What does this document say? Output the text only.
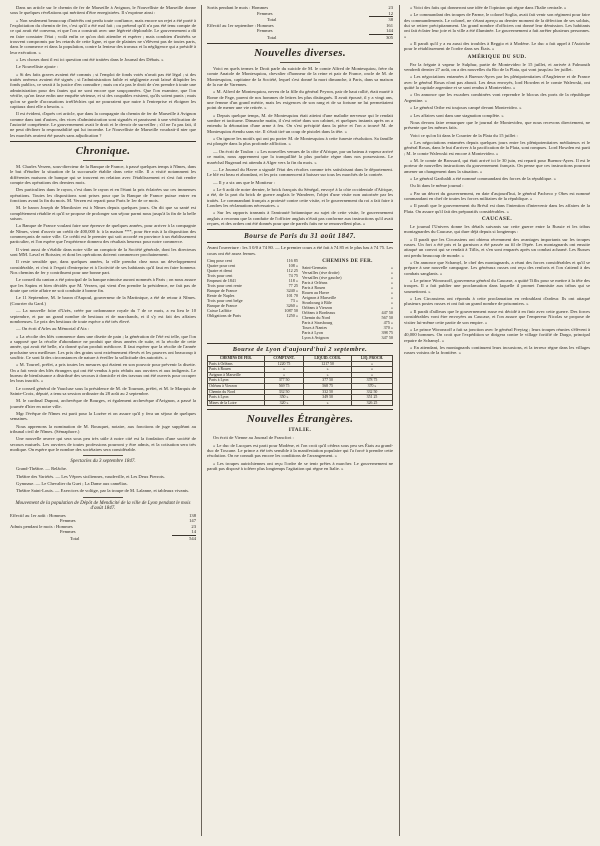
Dans un article sur le chemin de fer de Marseille à Avignon, le Nouvelliste de Marseille donne sous le quelques révélations qui méritent d'être enregistrées. Il s'exprime ainsi :

« Non seulement beaucoup d'intérêts ont perdu toute confiance, mais encore un rejet a été porté à l'exploitation du chemin de fer, c'est qu'il a été mal fait ; ou prétend qu'il n'a pas été tenu compte de ce qui avait été convenu, et que l'on a construit avec une légèreté déplorable. Le gouvernement a dû en faire constater l'état ; voilà enfin ce qu'on doit attendre et espérer ; mais combien d'intérêts se trouvent compromis par les retards de cette ligne, et que de plaintes ne s'élèvent pas de toutes parts, dans le commerce et dans la population, contre la lenteur des travaux et la négligence qui a présidé à leur exécution. »

« Les choses dont il est ici question ont été traitées dans le Journal des Débats. »

Le Nouvelliste ajoute :

« Si des faits graves avaient été commis ; si l'emploi de fonds votés n'avait pas été légal ; si des traités onéreux avaient été signés ; si l'administration faible et négligente avait laissé dilapider les fonds publics, ce serait à la justice d'en connaître ; mais on n'a pas le droit de s'en prendre à toute une administration pour des fautes qui ne sont encore que soupçonnées. Que l'on examine, que l'on vérifie, qu'on fasse enfin une enquête sérieuse, et si des coupables existent, qu'ils soient punis ; mais qu'on se garde d'accusations irréfléchies qui ne pourraient que nuire à l'entreprise et éloigner les capitaux dont elle a besoin. »

Il est évident, d'après cet article, que dans la compagnie du chemin de fer de Marseille à Avignon comme dans tant d'autres, des vices d'administration sont signalés et paraissent à une vérification de l'autorité compétente. Le gouvernement avait le droit et le devoir de surveiller ; s'il ne l'a pas fait, il ne peut décliner la responsabilité qui lui incombe. Le Nouvelliste de Marseille voudrait-il nier que les marchés avaient été passés sans adjudication ?

Chronique.

M. Charles Verzen, sous-directeur de la Banque de France, à passé quelques temps à Nîmes, dans le but d'étudier la situation de la succursale établie dans cette ville. Il a visité notamment les différentes maisons de banque qui se trouvent en relation avec l'établissement et s'est fait rendre compte des opérations des derniers mois.

Des particuliers dans le rayon, c'est dans le rayon et en l'étant la pris éclairées sur ces immenses opérations. Toutes les dispositions sont prises pour que la Banque de France puisse entrer en fonctions avant la fin du mois. M. Verzen est reparti pour Paris le 1er de ce mois.

M. le baron Joseph de Montlosier est à Nîmes depuis quelques jours. On dit que sa santé est complètement rétablie et qu'il se propose de prolonger son séjour parmi nous jusqu'à la fin de la belle saison.

La Banque de France voulant faire une épreuve de quelques années, pour arriver à la compagnie de Nîmes, vient d'ouvrir un crédit de 400,000 fr. à la maison ***, pour être mis à la disposition des commerçants de notre ville. Ce crédit est le premier qui soit accordé en province à un établissement particulier, et l'on espère que l'expérience donnera des résultats heureux pour notre commerce.

Il vient aussi de s'établir dans notre ville un comptoir de la Société générale, dont les directeurs sont MM. Laval et Boissier, et dont les opérations doivent commencer prochainement.

Il reste sensible que, dans quelques années, la ville prendra chez nous un développement considérable, et c'est à l'esprit d'entreprise et à l'activité de ses habitants qu'il faut en faire honneur. Nos chemins de fer y contribuent pour une bonne part.

Le conseil du canton a été principal de la banque nimoise auront nommés à Paris ; on nous assure que les Sapins et bien décidés que M. Verzen, qui vient d'en prendre la présidence, ne fait pas de doute que cette affaire ne soit conduite à bonne fin.

Le 11 Septembre, M. le baron d'Aupoul, gouverneur de la Martinique, a été de retour à Nîmes. (Courrier du Gard.)

— La nouvelle foire d'Uzès, créée par ordonnance royale du 7 de ce mois, a eu lieu le 10 septembre, et par un grand nombre de bestiaux et de marchands, et il s'y est fait des affaires nombreuses. Le prix des bestiaux de toute espèce a été très élevé.

— On écrit d'Arles au Mémorial d'Aix :

« La récolte des blés commence dans une disette de pain ; la génération de l'été est telle, que l'on a supposé que la récolte d'abondance ne produit que deux années de suite, et la récolte de cette année, qui avait été belle, n'a donné qu'un produit médiocre. Il faut espérer que la récolte de l'année prochaine sera meilleure. Les prix des grains sont extrêmement élevés et les pauvres ont beaucoup à souffrir. Ce sont là des circonstances de nature à éveiller la sollicitude des autorités. »

« M. Tourrel, préfet, a pris toutes les mesures qui étaient en son pouvoir pour prévenir la disette. On a fait venir des blés étrangers qui ont été vendus à prix réduits aux ouvriers et aux indigents. Le bureau de bienfaisance a distribué des secours à domicile et des travaux ont été ouverts pour occuper les bras inactifs. »

Le conseil général de Vaucluse sous la présidence de M. de Tournon, préfet, et M. le Marquis de Sainte-Croix, député, a tenu sa session ordinaire du 28 août au 2 septembre.

M. le cardinal Dupont, archevêque de Bourges, et également archevêque d'Avignon, a passé la journée d'hier en notre ville.

Mgr l'évêque de Nîmes est parti pour la Lozère et on assure qu'il y fera un séjour de quelques semaines.

Nous apprenons la nomination de M. Bousquet, notaire, aux fonctions de juge suppléant au tribunal civil de Nîmes. (Sémaphore.)

Une nouvelle œuvre qui sera sous peu très utile à notre cité est la fondation d'une société de secours mutuels. Les ouvriers de toutes professions pourront y être admis, et la cotisation sera très modique. On espère que le nombre des sociétaires sera considérable.

Spectacles du 3 septembre 1847.

Grand-Théâtre. — Relâche.

Théâtre des Variétés. — Les Vêpres siciliennes, vaudeville, et Les Deux Pierrots.

Gymnase. — Le Chevalier du Guet ; La Dame aux camélias.

Théâtre Saint-Louis. — Exercices de voltige, par la troupe de M. Lalanne, et tableaux vivants.

Mouvement de la population de Dépôt de Mendicité de la ville de Lyon pendant le mois d'août 1847.
Effectif au 1er août : Hommes	138
Femmes	147
Admis pendant le mois : Hommes	23
Femmes	14
Total	544
Sortis pendant le mois : Hommes	23
Femmes	12
Total	38
Effectif au 1er septembre : Hommes	161
Femmes	144
Total	305
Nouvelles diverses.

Voici en quels termes le Droit parle du suicide de M. le comte Alfred de Montesquiou, frère du comte Anatole de Montesquiou, chevalier d'honneur de la reine et pair de France, oncle de M. de Montesquiou, capitaine de la Société, lequel s'est donné la mort dimanche, à Paris, dans sa maison de la rue de Varennes.

« M. Alfred de Montesquiou, neveu de la fille du général Peyron, pair de haut rallié, était marié à Rome de Page, parent de nos hommes de lettres les plus distingués. Il avait épousé, il y a vingt ans, une femme d'un grand mérite, mais les exigences de son rang et de sa fortune ne lui permettaient point de mener une vie retirée. »

« Depuis quelque temps, M. de Montesquiou était atteint d'une maladie nerveuse qui le rendait sombre et taciturne. Dimanche matin, il s'est retiré dans son cabinet, et quelques instants après on a entendu la détonation d'une arme à feu. On s'est précipité dans la pièce et l'on a trouvé M. de Montesquiou étendu sans vie. Il s'était tiré un coup de pistolet dans la tête. »

« On ignore les motifs qui ont pu porter M. de Montesquiou à cette funeste résolution. Sa famille est plongée dans la plus profonde affliction. »

— On écrit de Toulon : « Les nouvelles venues de la côte d'Afrique, par un bateau à vapeur arrivé ce matin, nous apprennent que la tranquillité la plus parfaite règne dans nos possessions. Le maréchal Bugeaud est attendu à Alger vers la fin du mois. »

— Le Journal du Havre a signalé l'état des récoltes comme très satisfaisant dans le département. Le blé est beau et abondant, et les prix commencent à baisser sur tous les marchés de la contrée.

— Il y a six ans que le Moniteur :

« Le 6 août de notre dernier, le brick français du Sénégal, envoyé à la côte occidentale d'Afrique, a été, de la part du brick de guerre anglais le Wanderer, l'objet d'une visite non autorisée par les traités. Le commandant français a protesté contre cette visite, et le gouvernement du roi a fait faire à Londres les réclamations nécessaires. »

« Sur les rapports transmis à l'amirauté britannique au sujet de cette visite, le gouvernement anglais a reconnu que la conduite de l'officier anglais n'était pas conforme aux instructions qu'il avait reçues, et des ordres ont été donnés pour que de pareils faits ne se renouvellent plus. »

Bourse de Paris du 31 août 1847.

Avant l'ouverture : les 3 0/0 à 74 80. — Le premier cours a été fait à 74 85 et le plus bas à 74 75. Les cours ont été assez fermes.

Cinq pour cent	116 85
Quatre pour cent	108 »
Quatre et demi	112 25
Trois pour cent	74 75
Emprunt de 1841	118 »
Trois pour cent rente	77 25
Banque de France	3240 »
Rente de Naples	101 70
Trois pour cent belge	73 »
Banque de France	3260 »
Caisse Laffitte	1087 50
Obligations de Paris	1250 »
CHEMINS DE FER.
Saint-Germain	»
Versailles (rive droite)	»
Versailles (rive gauche)	»
Paris à Orléans	»
Paris à Rouen	»
Rouen au Havre	»
Avignon à Marseille	»
Strasbourg à Bâle	»
Orléans à Vierzon	»
Orléans à Bordeaux	447 50
Chemin du Nord	567 50
Paris à Strasbourg	475 »
Tours à Nantes	370 »
Paris à Lyon	398 75
Lyon à Avignon	347 50
Bourse de Lyon d'aujourd'hui 2 septembre.
CHEMINS DE FER.	COMPTANT.	LIQUID. COUR.	LIQ. PROCH.
Paris à Orléans	1220 75	1217 50	»
Paris à Rouen	»	»	»
Avignon à Marseille	»	»	»
Paris à Lyon	377 50	377 50	378 75
Orléans à Vierzon	569 75	568 75	370 »
Chemin du Nord	332 50	332 50	332 50
Paris à Lyon	350 »	349 50	351 25
Mines de la Loire	320 »	»	326 25
Nouvelles Étrangères.
ITALIE.

On écrit de Vienne au Journal de Francfort :

« Le duc de Lucques est parti pour Modène, et l'on croit qu'il cédera sous peu ses États au grand-duc de Toscane. Le prince a été très sensible à la manifestation populaire qui l'a forcé à prendre cette résolution. On ne connaît pas encore les conditions de l'arrangement. »

« Les troupes autrichiennes ont reçu l'ordre de se tenir prêtes à marcher. Le gouvernement ne paraît pas disposé à tolérer plus longtemps l'agitation qui règne en Italie. »

« Voici des faits qui donneront une idée de l'opinion qui règne dans l'Italie centrale. »

« Le commandant des troupes de Parme, le colonel Soglia, avait fait venir son régiment pour faire des commandements. Le colonel, ne s'étant aperçu au dernier moment de la défection de ses soldats, dut se retirer précipitamment. Un grand nombre d'officiers ont donné leur démission. Les habitants ont fait éclater leur joie et la ville a été illuminée. Le gouvernement a fait arrêter plusieurs personnes. »

« Il paraît qu'il y a eu aussi des troubles à Reggio et à Modène. Le duc a fait appel à l'Autriche pour le rétablissement de l'ordre dans ses États. »

AMÉRIQUE DU SUD.

Par la frégate à vapeur le Sulphur, partie de Montevideo le 15 juillet, et arrivée à Falmouth vendredi dernier 27 août, on a des nouvelles du Rio de la Plata, qui vont jusqu'au 1er juillet.

« Les négociations entamées à Buenos-Ayres par les plénipotentiaires d'Angleterre et de France avec le général Rosas n'ont pas abouti. Les deux envoyés, lord Howden et le comte Walewski, ont quitté la capitale argentine et se sont rendus à Montevideo. »

« On annonce que les escadres combinées vont reprendre le blocus des ports de la république Argentine. »

« Le général Oribe est toujours campé devant Montevideo. »

« Les affaires sont dans une stagnation complète. »

Nous devons faire remarquer que le journal de Montevideo, que nous recevons directement, ne présente que les mêmes faits.

Voici ce qu'on lit dans le Courrier de la Plata du 15 juillet :

« Les négociations entamées depuis quelques jours entre les plénipotentiaires médiateurs et le général Rosas, dans le but d'arriver à la pacification de la Plata, sont rompues. Lord Howden est parti ; M. le comte Walewski est encore à Montevideo. »

« M. le comte de Brossard, qui était arrivé ici le 30 juin, est reparti pour Buenos-Ayres. Il est le porteur de nouvelles instructions du gouvernement français. On pense que ces instructions pourront amener un changement dans la situation. »

« Le général Garibaldi a été nommé commandant des forces de la république. »

Ou lit dans le même journal :

« Par un décret du gouvernement, en date d'aujourd'hui, le général Pacheco y Obes est nommé commandant en chef de toutes les forces militaires de la république. »

« Il paraît que le gouvernement du Brésil est dans l'intention d'intervenir dans les affaires de la Plata. On assure qu'il fait des préparatifs considérables. »

CAUCASE.

Le journal l'Univers donne les détails suivants sur cette guerre entre la Russie et les tribus montagnardes du Caucase, qui dure déjà depuis si longtemps :

« Il paraît que les Circassiens ont obtenu récemment des avantages importants sur les troupes russes. Un fort a été pris et la garnison a été passée au fil de l'épée. Les montagnards ont ensuite attaqué un convoi qui se rendait à Tiflis, et s'en sont emparés après un combat acharné. Les Russes ont perdu beaucoup de monde. »

« On annonce que Schamyl, le chef des montagnards, a réuni des forces considérables et qu'il se prépare à une nouvelle campagne. Les généraux russes ont reçu des renforts et l'on s'attend à des combats sanglants. »

« Le prince Woronzoff, gouverneur général du Caucase, a quitté Tiflis pour se mettre à la tête des troupes. Il a fait publier une proclamation dans laquelle il promet l'amnistie aux tribus qui se soumettront. »

« Les Circassiens ont répondu à cette proclamation en redoublant d'ardeur. Ils ont attaqué plusieurs postes russes et ont fait un grand nombre de prisonniers. »

« Il paraît d'ailleurs que le gouvernement russe est décidé à en finir avec cette guerre. Des forces considérables vont être envoyées au Caucase, et l'on assure que l'empereur Nicolas se propose de visiter lui-même cette partie de son empire. »

« Le prince Woronzoff a fait sa jonction avec le général Freytag ; leurs troupes réunies s'élèvent à 40,000 hommes. On croit que l'expédition se dirigera contre le village fortifié de Dargo, principal repaire de Schamyl. »

« En attendant, les montagnards continuent leurs incursions, et la terreur règne dans les villages russes voisins de la frontière. »
